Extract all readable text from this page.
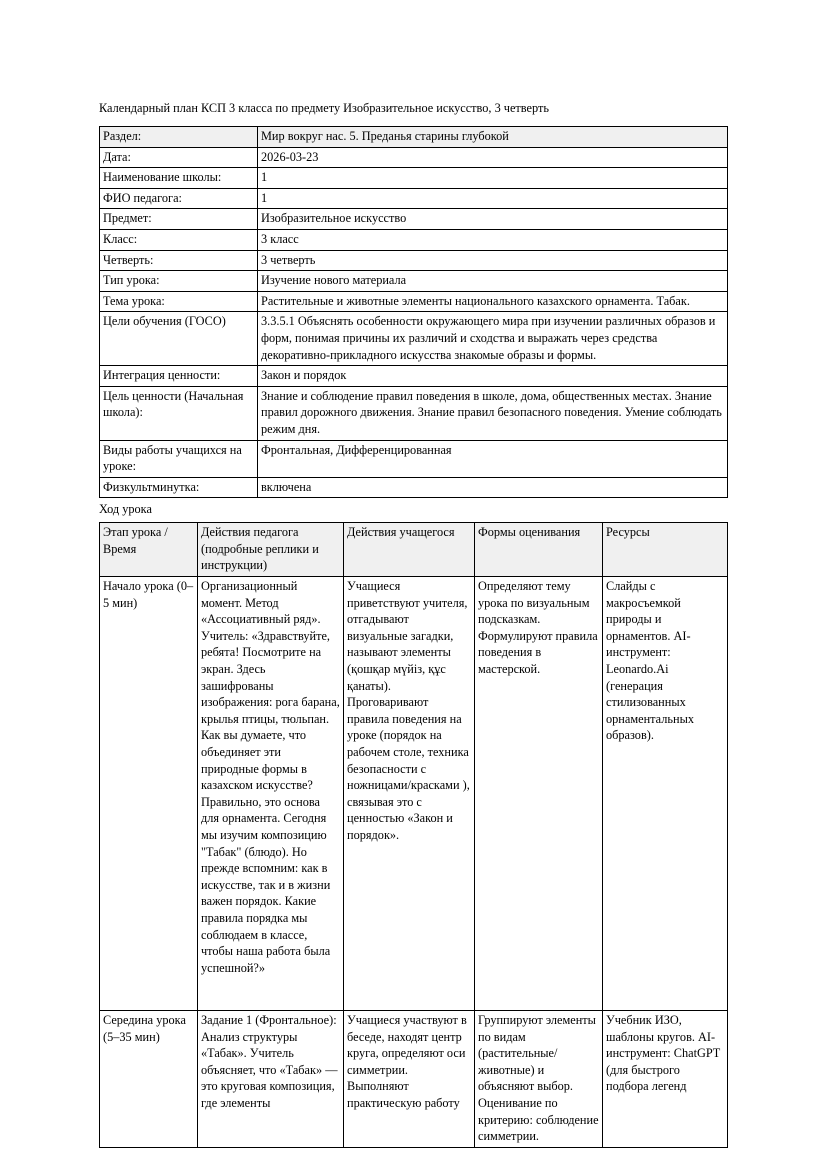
Календарный план КСП 3 класса по предмету Изобразительное искусство, 3 четверть

Раздел:	Мир вокруг нас. 5. Преданья старины глубокой
Дата:	2026-03-23
Наименование школы:	1
ФИО педагога:	1
Предмет:	Изобразительное искусство
Класс:	3 класс
Четверть:	3 четверть
Тип урока:	Изучение нового материала
Тема урока:	Растительные и животные элементы национального казахского орнамента. Табак.
Цели обучения (ГОСО)	3.3.5.1 Объяснять особенности окружающего мира при изучении различных образов и форм, понимая причины их различий и сходства и выражать через средства декоративно-прикладного искусства знакомые образы и формы.
Интеграция ценности:	Закон и порядок
Цель ценности (Начальная школа):	Знание и соблюдение правил поведения в школе, дома, общественных местах. Знание правил дорожного движения. Знание правил безопасного поведения. Умение соблюдать режим дня.
Виды работы учащихся на уроке:	Фронтальная, Дифференцированная
Физкультминутка:	включена

Ход урока

Этап урока / Время	Действия педагога (подробные реплики и инструкции)	Действия учащегося	Формы оценивания	Ресурсы
Начало урока (0–5 мин)	Организационный момент. Метод «Ассоциативный ряд». Учитель: «Здравствуйте, ребята! Посмотрите на экран. Здесь зашифрованы изображения: рога барана, крылья птицы, тюльпан. Как вы думаете, что объединяет эти природные формы в казахском искусстве? Правильно, это основа для орнамента. Сегодня мы изучим композицию "Табак" (блюдо). Но прежде вспомним: как в искусстве, так и в жизни важен порядок. Какие правила порядка мы соблюдаем в классе, чтобы наша работа была успешной?»	Учащиеся приветствуют учителя, отгадывают визуальные загадки, называют элементы (қошқар мүйіз, құс қанаты). Проговаривают правила поведения на уроке (порядок на рабочем столе, техника безопасности с ножницами/красками ), связывая это с ценностью «Закон и порядок».	Определяют тему урока по визуальным подсказкам. Формулируют правила поведения в мастерской.	Слайды с макросъемкой природы и орнаментов. AI-инструмент: Leonardo.Ai (генерация стилизованных орнаментальных образов).
Середина урока (5–35 мин)	Задание 1 (Фронтальное): Анализ структуры «Табак». Учитель объясняет, что «Табак» — это круговая композиция, где элементы	Учащиеся участвуют в беседе, находят центр круга, определяют оси симметрии. Выполняют практическую работу	Группируют элементы по видам (растительные/животные) и объясняют выбор. Оценивание по критерию: соблюдение симметрии.	Учебник ИЗО, шаблоны кругов. AI-инструмент: ChatGPT (для быстрого подбора легенд
